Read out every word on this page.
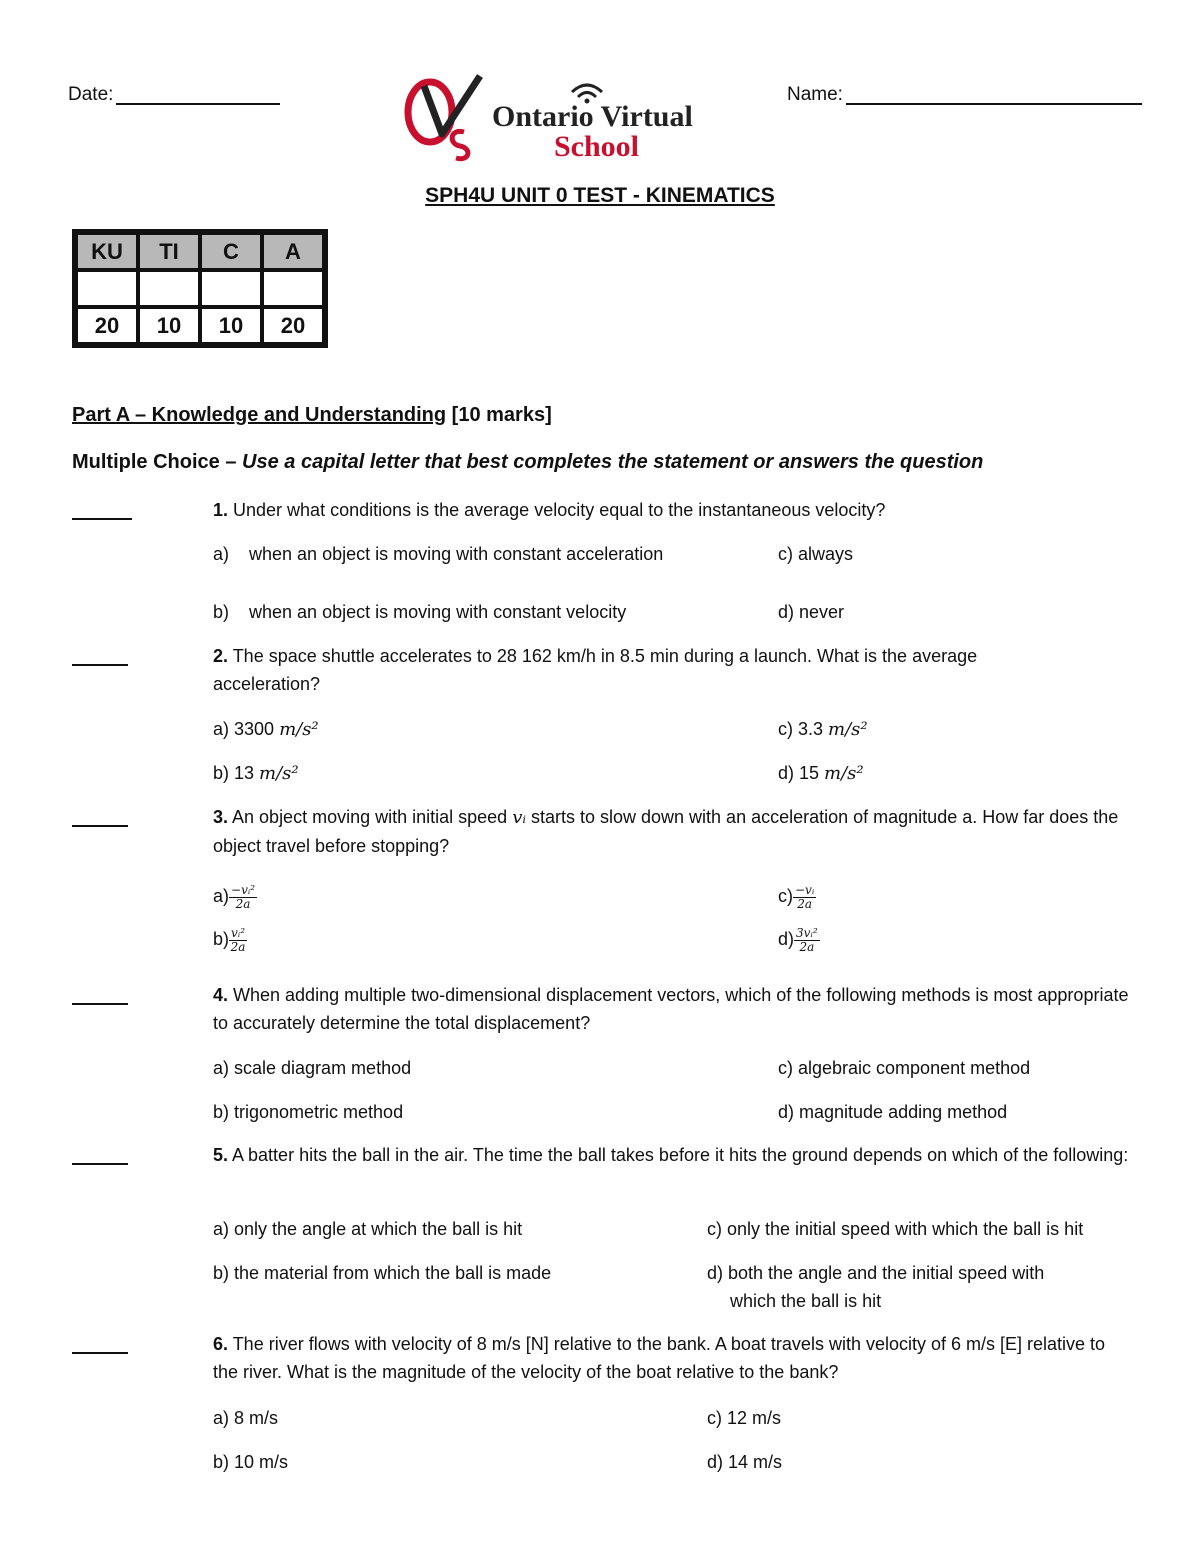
Date:	Name:
Ontario Virtual
School
SPH4U UNIT 0 TEST - KINEMATICS
KU	TI	C	A

20	10	10	20
Part A – Knowledge and Understanding [10 marks]
Multiple Choice – Use a capital letter that best completes the statement or answers the question
1. Under what conditions is the average velocity equal to the instantaneous velocity?
a)    when an object is moving with constant acceleration
b)    when an object is moving with constant velocity
c) always
d) never
2. The space shuttle accelerates to 28 162 km/h in 8.5 min during a launch. What is the average acceleration?
a) 3300 m/s²
b) 13 m/s²
c) 3.3 m/s²
d) 15 m/s²
3. An object moving with initial speed vᵢ starts to slow down with an acceleration of magnitude a. How far does the object travel before stopping?
$a) \frac{\text{−vᵢ²}}{2a}$
$b) \frac{\text{vᵢ²}}{2a}$
$c) \frac{\text{−vᵢ}}{2a}$
$d) \frac{\text{3vᵢ²}}{2a}$
4. When adding multiple two-dimensional displacement vectors, which of the following methods is most appropriate to accurately determine the total displacement?
a) scale diagram method
b) trigonometric method
c) algebraic component method
d) magnitude adding method
5. A batter hits the ball in the air. The time the ball takes before it hits the ground depends on which of the following:
a) only the angle at which the ball is hit
b) the material from which the ball is made
c) only the initial speed with which the ball is hit
d) both the angle and the initial speed with
which the ball is hit
6. The river flows with velocity of 8 m/s [N] relative to the bank. A boat travels with velocity of 6 m/s [E] relative to the river. What is the magnitude of the velocity of the boat relative to the bank?
a) 8 m/s
b) 10 m/s
c) 12 m/s
d) 14 m/s
